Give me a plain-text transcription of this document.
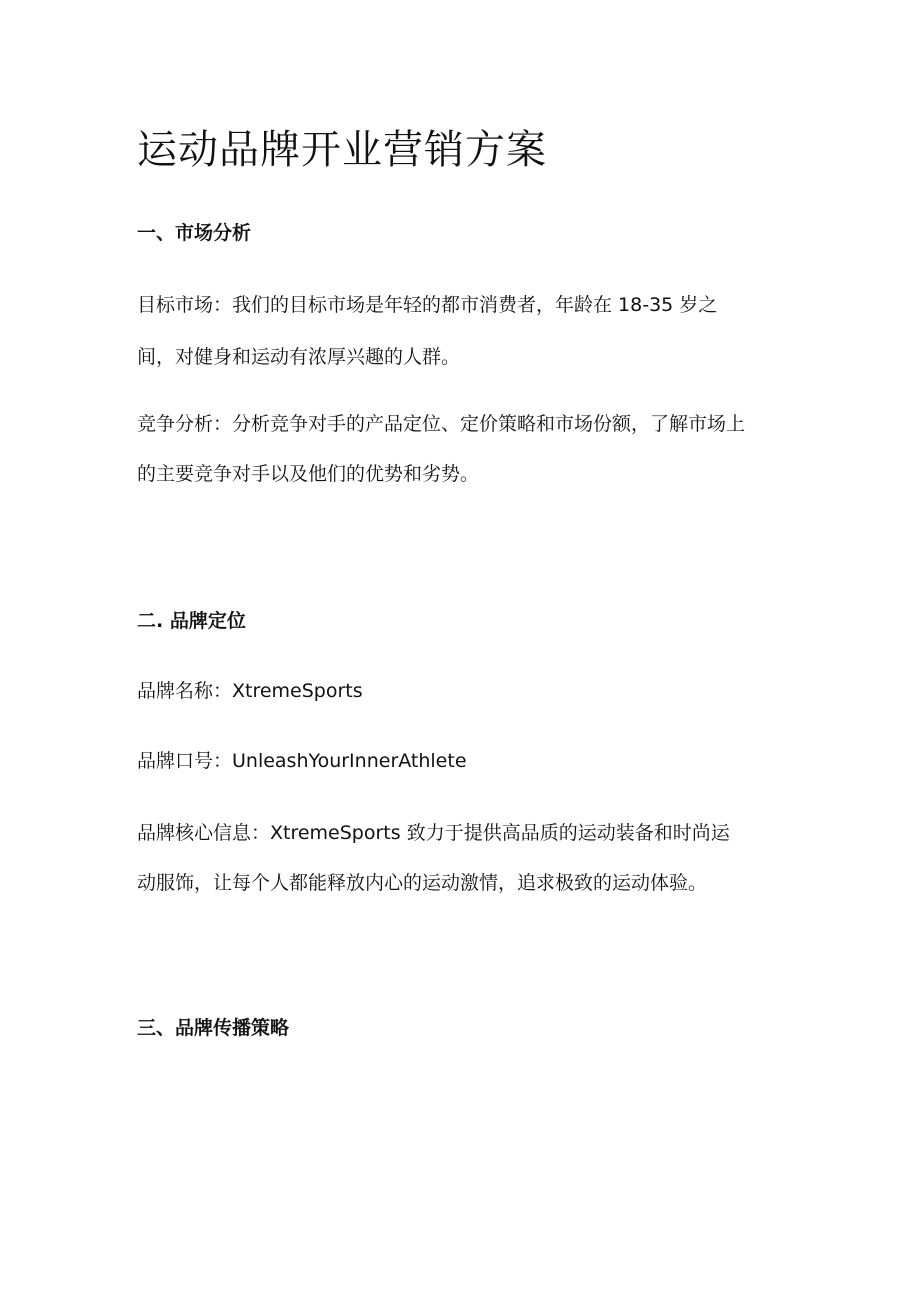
运动品牌开业营销方案
一、市场分析

目标市场：我们的目标市场是年轻的都市消费者，年龄在 18-35 岁之

间，对健身和运动有浓厚兴趣的人群。

竞争分析：分析竞争对手的产品定位、定价策略和市场份额，了解市场上

的主要竞争对手以及他们的优势和劣势。

二. 品牌定位

品牌名称：XtremeSports

品牌口号：UnleashYourInnerAthlete

品牌核心信息：XtremeSports 致力于提供高品质的运动装备和时尚运

动服饰，让每个人都能释放内心的运动激情，追求极致的运动体验。

三、品牌传播策略
